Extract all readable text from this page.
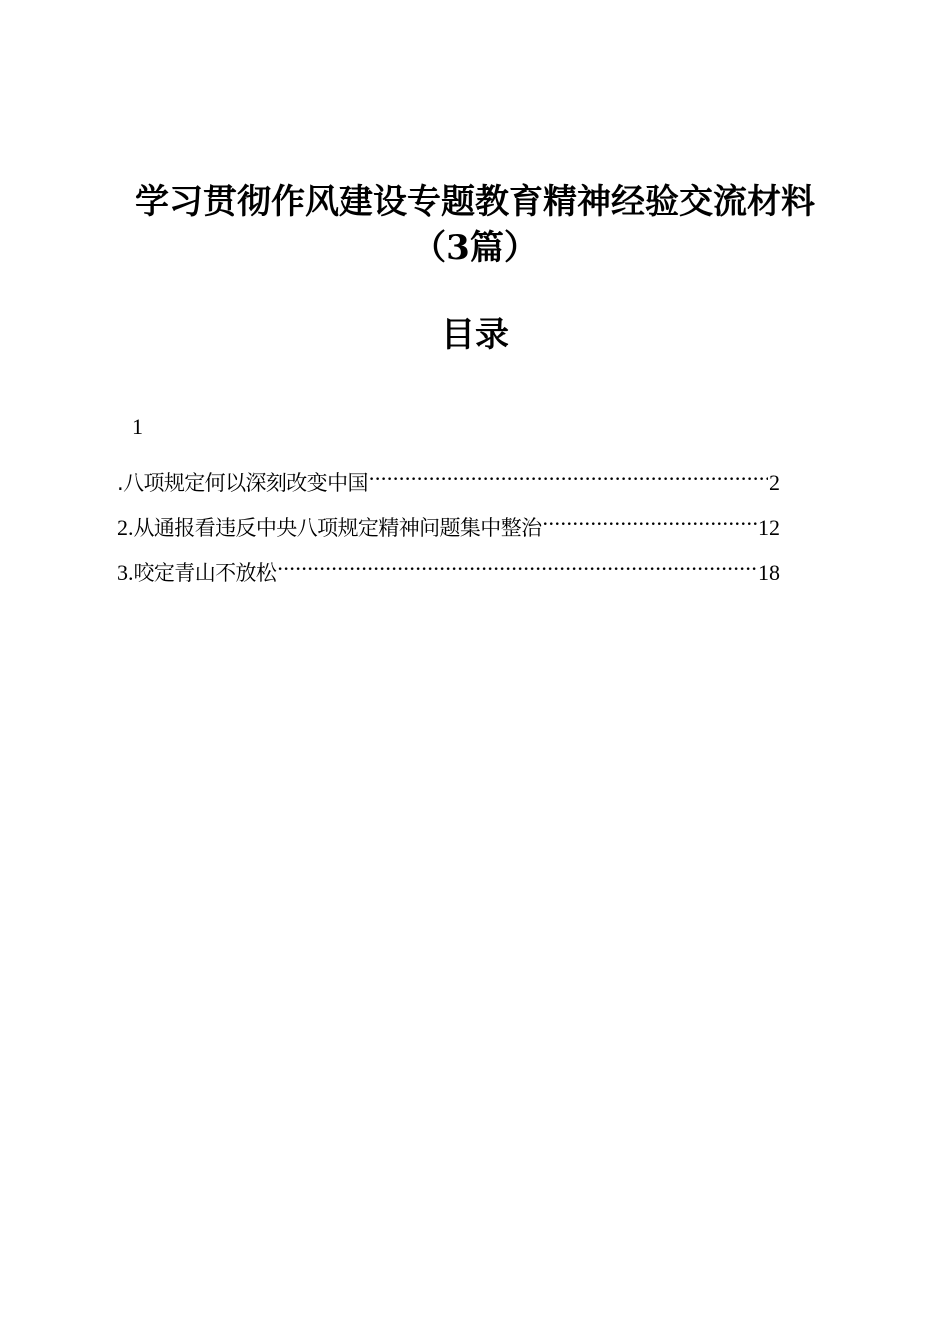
学习贯彻作风建设专题教育精神经验交流材料
（3篇）
目录
1
.八项规定何以深刻改变中国 .....	2
2. 从通报看违反中央八项规定精神问题集中整治 .....	12
3. 咬定青山不放松 .....	18
